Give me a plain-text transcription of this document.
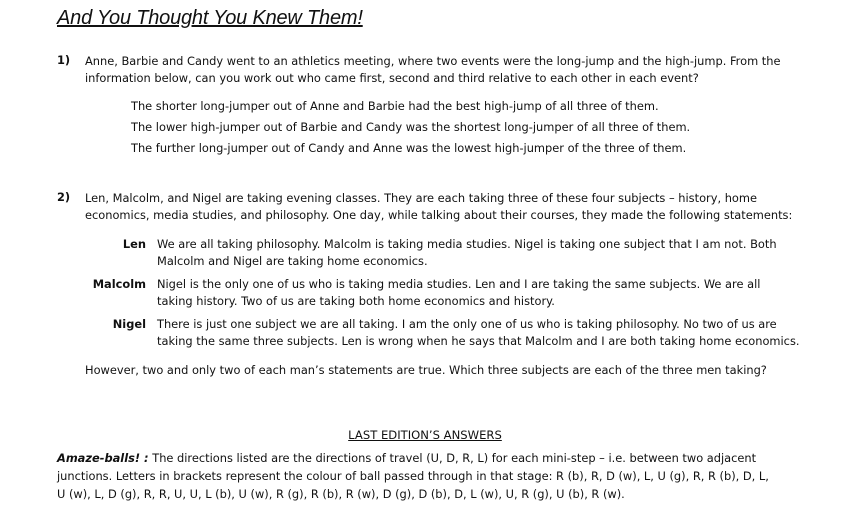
And You Thought You Knew Them!
1) Anne, Barbie and Candy went to an athletics meeting, where two events were the long-jump and the high-jump. From the
information below, can you work out who came first, second and third relative to each other in each event?
The shorter long-jumper out of Anne and Barbie had the best high-jump of all three of them.
The lower high-jumper out of Barbie and Candy was the shortest long-jumper of all three of them.
The further long-jumper out of Candy and Anne was the lowest high-jumper of the three of them.
2) Len, Malcolm, and Nigel are taking evening classes. They are each taking three of these four subjects – history, home
economics, media studies, and philosophy. One day, while talking about their courses, they made the following statements:
Len We are all taking philosophy. Malcolm is taking media studies. Nigel is taking one subject that I am not. Both
Malcolm and Nigel are taking home economics.
Malcolm Nigel is the only one of us who is taking media studies. Len and I are taking the same subjects. We are all
taking history. Two of us are taking both home economics and history.
Nigel There is just one subject we are all taking. I am the only one of us who is taking philosophy. No two of us are
taking the same three subjects. Len is wrong when he says that Malcolm and I are both taking home economics.
However, two and only two of each man’s statements are true. Which three subjects are each of the three men taking?
LAST EDITION’S ANSWERS
Amaze-balls! : The directions listed are the directions of travel (U, D, R, L) for each mini-step – i.e. between two adjacent
junctions. Letters in brackets represent the colour of ball passed through in that stage: R (b), R, D (w), L, U (g), R, R (b), D, L,
U (w), L, D (g), R, R, U, U, L (b), U (w), R (g), R (b), R (w), D (g), D (b), D, L (w), U, R (g), U (b), R (w).
